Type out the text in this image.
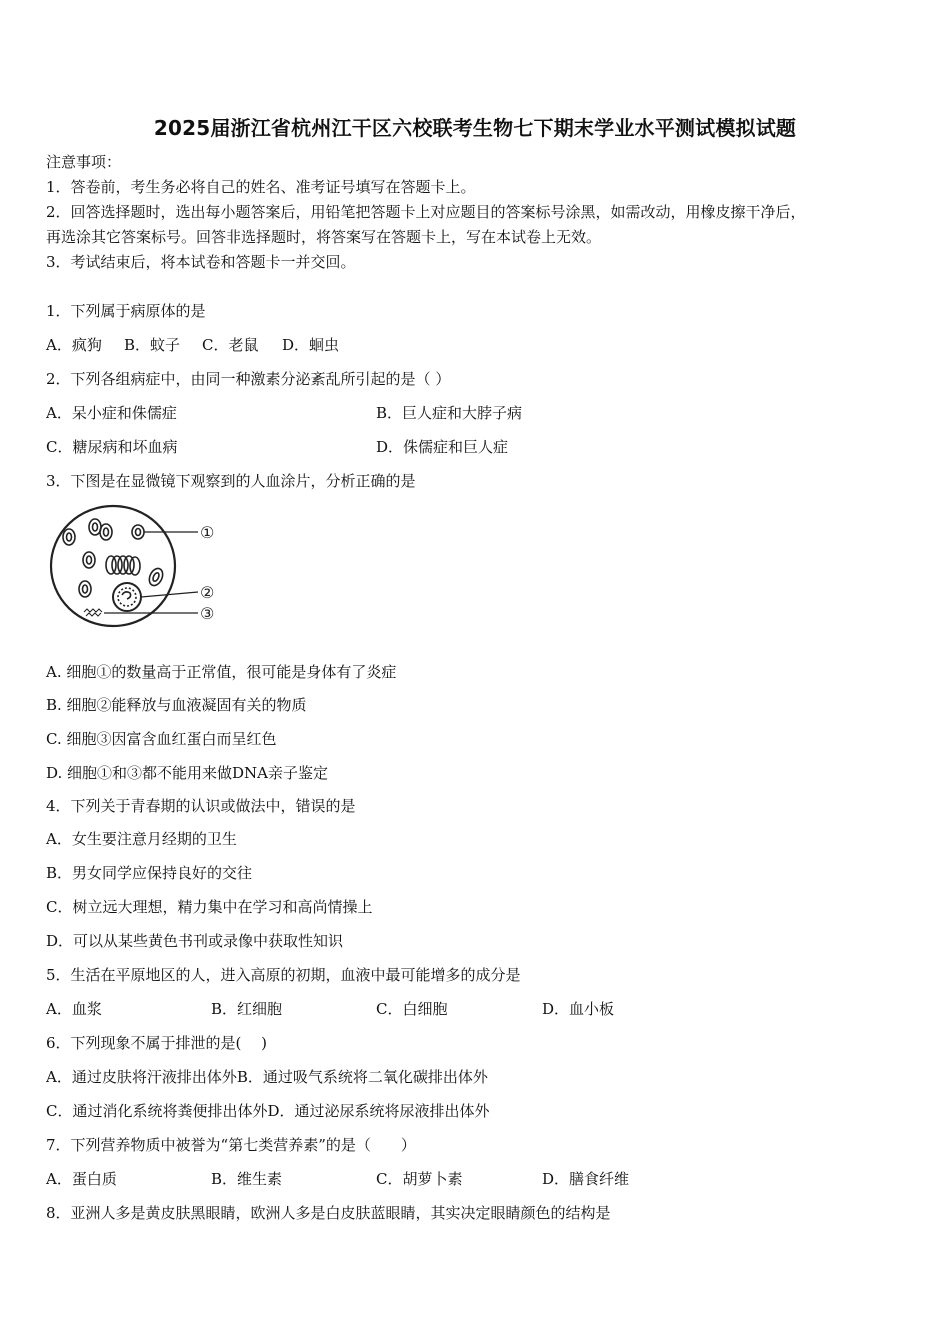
2025届浙江省杭州江干区六校联考生物七下期末学业水平测试模拟试题
注意事项：
1．答卷前，考生务必将自己的姓名、准考证号填写在答题卡上。
2．回答选择题时，选出每小题答案后，用铅笔把答题卡上对应题目的答案标号涂黑，如需改动，用橡皮擦干净后，
再选涂其它答案标号。回答非选择题时，将答案写在答题卡上，写在本试卷上无效。
3．考试结束后，将本试卷和答题卡一并交回。
1．下列属于病原体的是
A．疯狗 B．蚊子 C．老鼠 D．蛔虫
2．下列各组病症中，由同一种激素分泌紊乱所引起的是（ ）
A．呆小症和侏儒症	B．巨人症和大脖子病
C．糖尿病和坏血病	D．侏儒症和巨人症
3．下图是在显微镜下观察到的人血涂片，分析正确的是
①
②
③
A. 细胞①的数量高于正常值，很可能是身体有了炎症
B. 细胞②能释放与血液凝固有关的物质
C. 细胞③因富含血红蛋白而呈红色
D. 细胞①和③都不能用来做DNA亲子鉴定
4．下列关于青春期的认识或做法中，错误的是
A．女生要注意月经期的卫生
B．男女同学应保持良好的交往
C．树立远大理想，精力集中在学习和高尚情操上
D．可以从某些黄色书刊或录像中获取性知识
5．生活在平原地区的人，进入高原的初期，血液中最可能增多的成分是
A．血浆	B．红细胞	C．白细胞	D．血小板
6．下列现象不属于排泄的是(　 )
A．通过皮肤将汗液排出体外B．通过吸气系统将二氧化碳排出体外
C．通过消化系统将粪便排出体外D．通过泌尿系统将尿液排出体外
7．下列营养物质中被誉为“第七类营养素”的是（　　）
A．蛋白质	B．维生素	C．胡萝卜素	D．膳食纤维
8．亚洲人多是黄皮肤黑眼睛，欧洲人多是白皮肤蓝眼睛，其实决定眼睛颜色的结构是
